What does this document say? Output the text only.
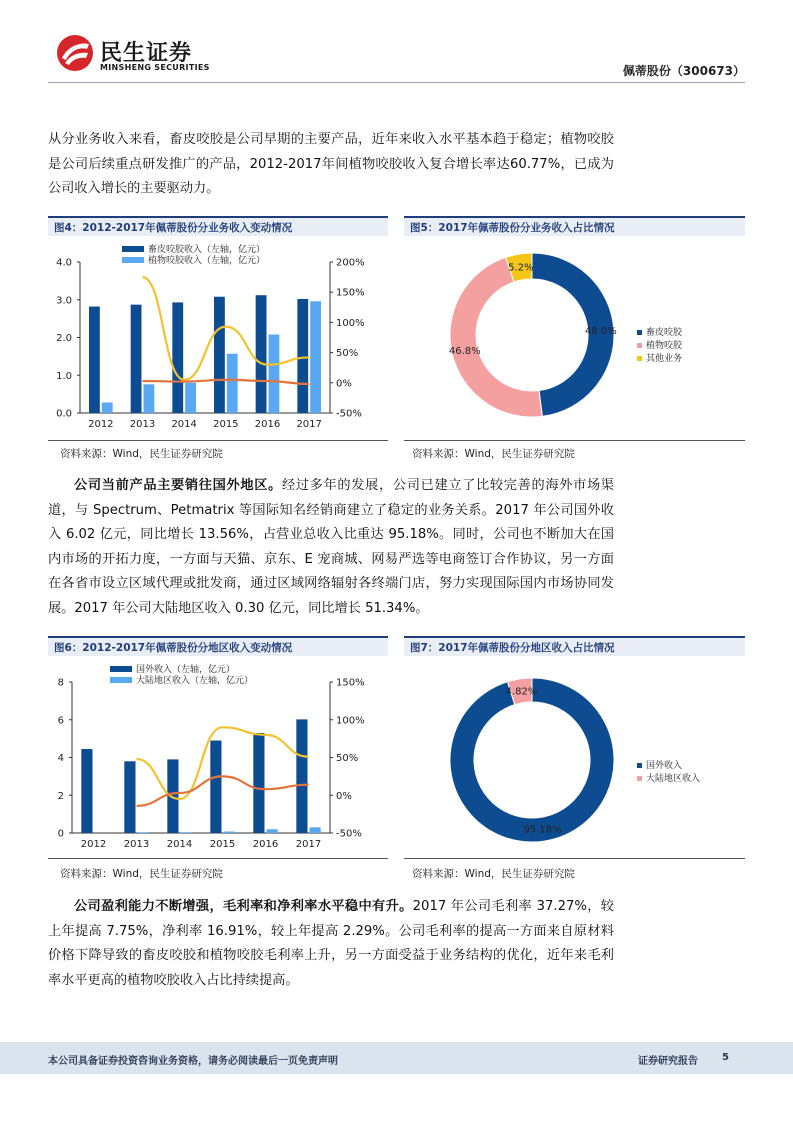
民生证券
MINSHENG SECURITIES	佩蒂股份（300673）
从分业务收入来看，畜皮咬胶是公司早期的主要产品，近年来收入水平基本趋于稳定；植物咬胶是公司后续重点研发推广的产品，2012-2017年间植物咬胶收入复合增长率达60.77%，已成为公司收入增长的主要驱动力。
图4：2012-2017年佩蒂股份分业务收入变动情况
0.0
1.0
2.0
3.0
4.0
-50%
0%
50%
100%
150%
200%
2012 2013 2014 2015 2016 2017
畜皮咬胶收入（左轴，亿元）
植物咬胶收入（左轴，亿元）
资料来源：Wind，民生证券研究院
图5：2017年佩蒂股份分业务收入占比情况
48.0%
46.8%
5.2%
畜皮咬胶
植物咬胶
其他业务
资料来源：Wind，民生证券研究院
公司当前产品主要销往国外地区。经过多年的发展，公司已建立了比较完善的海外市场渠道，与 Spectrum、Petmatrix 等国际知名经销商建立了稳定的业务关系。2017 年公司国外收入 6.02 亿元，同比增长 13.56%，占营业总收入比重达 95.18%。同时，公司也不断加大在国内市场的开拓力度，一方面与天猫、京东、E 宠商城、网易严选等电商签订合作协议，另一方面在各省市设立区域代理或批发商，通过区域网络辐射各终端门店，努力实现国际国内市场协同发展。2017 年公司大陆地区收入 0.30 亿元，同比增长 51.34%。
图6：2012-2017年佩蒂股份分地区收入变动情况
0
2
4
6
8
-50%
0%
50%
100%
150%
2012 2013 2014 2015 2016 2017
国外收入（左轴，亿元）
大陆地区收入（左轴，亿元）
资料来源：Wind，民生证券研究院
图7：2017年佩蒂股份分地区收入占比情况
95.18%
4.82%
国外收入
大陆地区收入
资料来源：Wind，民生证券研究院
公司盈利能力不断增强，毛利率和净利率水平稳中有升。2017 年公司毛利率 37.27%，较上年提高 7.75%，净利率 16.91%，较上年提高 2.29%。公司毛利率的提高一方面来自原材料价格下降导致的畜皮咬胶和植物咬胶毛利率上升，另一方面受益于业务结构的优化，近年来毛利率水平更高的植物咬胶收入占比持续提高。
本公司具备证券投资咨询业务资格，请务必阅读最后一页免责声明	证券研究报告 5
